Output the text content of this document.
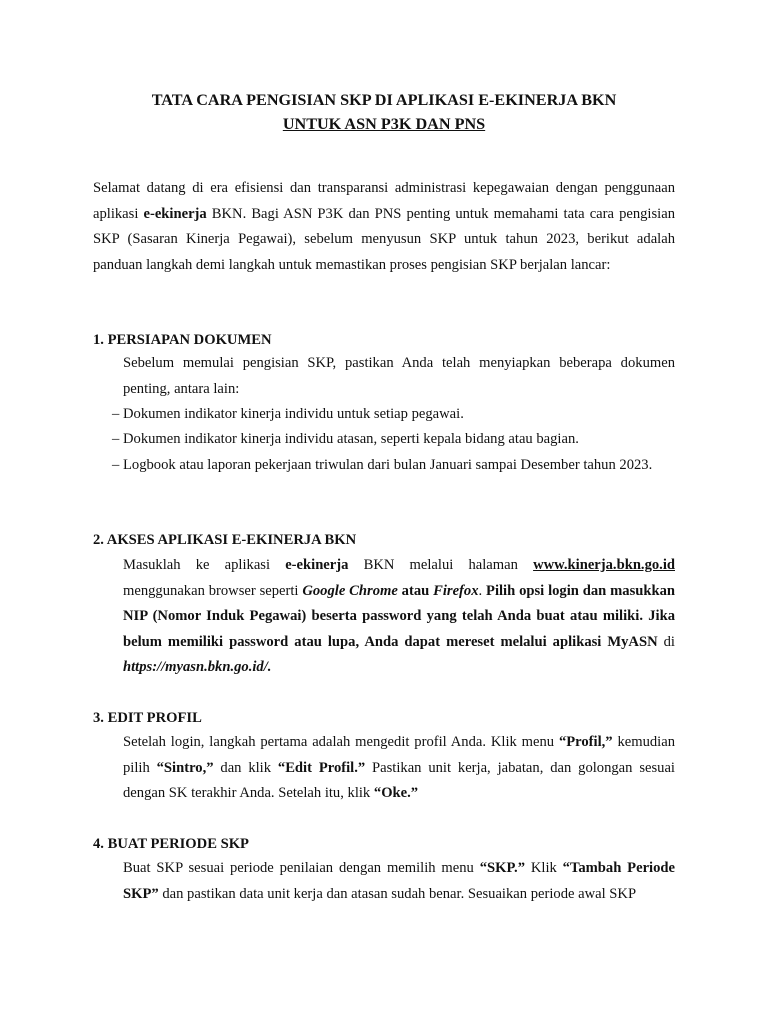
TATA CARA PENGISIAN SKP DI APLIKASI E-EKINERJA BKN
UNTUK ASN P3K DAN PNS
Selamat datang di era efisiensi dan transparansi administrasi kepegawaian dengan penggunaan aplikasi e-ekinerja BKN. Bagi ASN P3K dan PNS penting untuk memahami tata cara pengisian SKP (Sasaran Kinerja Pegawai), sebelum menyusun SKP untuk tahun 2023, berikut adalah panduan langkah demi langkah untuk memastikan proses pengisian SKP berjalan lancar:
1. PERSIAPAN DOKUMEN
Sebelum memulai pengisian SKP, pastikan Anda telah menyiapkan beberapa dokumen penting, antara lain:
– Dokumen indikator kinerja individu untuk setiap pegawai.
– Dokumen indikator kinerja individu atasan, seperti kepala bidang atau bagian.
– Logbook atau laporan pekerjaan triwulan dari bulan Januari sampai Desember tahun 2023.
2. AKSES APLIKASI E-EKINERJA BKN
Masuklah ke aplikasi e-ekinerja BKN melalui halaman www.kinerja.bkn.go.id menggunakan browser seperti Google Chrome atau Firefox. Pilih opsi login dan masukkan NIP (Nomor Induk Pegawai) beserta password yang telah Anda buat atau miliki. Jika belum memiliki password atau lupa, Anda dapat mereset melalui aplikasi MyASN di https://myasn.bkn.go.id/.
3. EDIT PROFIL
Setelah login, langkah pertama adalah mengedit profil Anda. Klik menu “Profil,” kemudian pilih “Sintro,” dan klik “Edit Profil.” Pastikan unit kerja, jabatan, dan golongan sesuai dengan SK terakhir Anda. Setelah itu, klik “Oke.”
4. BUAT PERIODE SKP
Buat SKP sesuai periode penilaian dengan memilih menu “SKP.” Klik “Tambah Periode SKP” dan pastikan data unit kerja dan atasan sudah benar. Sesuaikan periode awal SKP
